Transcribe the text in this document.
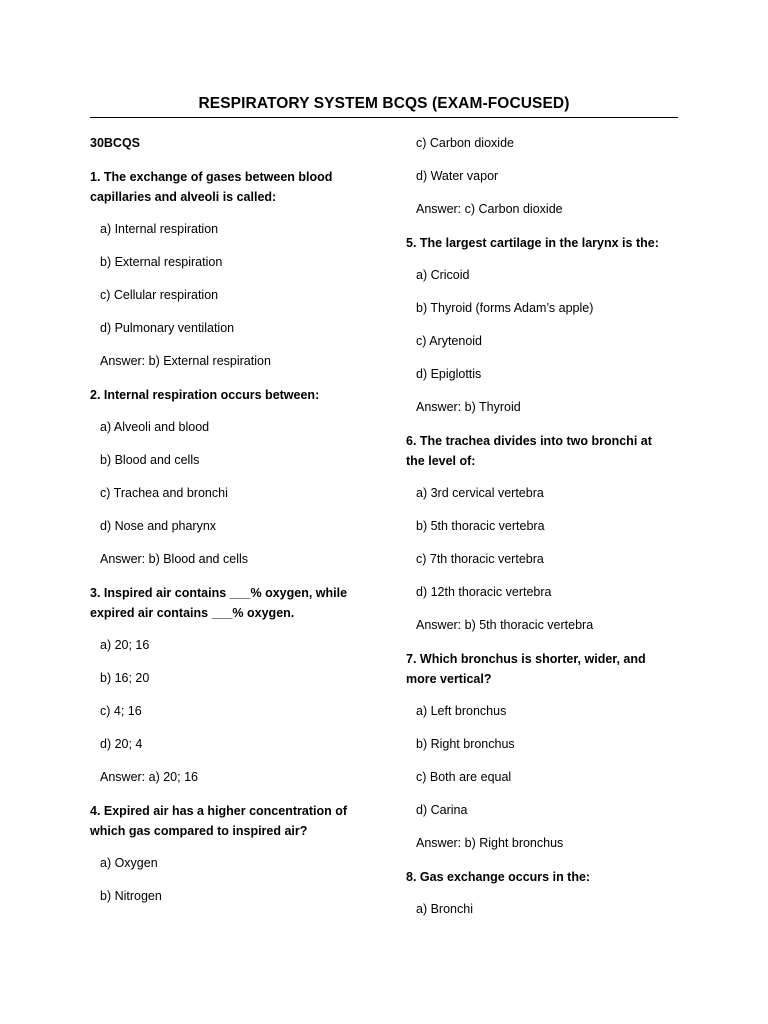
RESPIRATORY SYSTEM BCQS (EXAM-FOCUSED)
30BCQS
1. The exchange of gases between blood capillaries and alveoli is called:
a) Internal respiration
b) External respiration
c) Cellular respiration
d) Pulmonary ventilation
Answer: b) External respiration
2. Internal respiration occurs between:
a) Alveoli and blood
b) Blood and cells
c) Trachea and bronchi
d) Nose and pharynx
Answer: b) Blood and cells
3. Inspired air contains ___% oxygen, while expired air contains ___% oxygen.
a) 20; 16
b) 16; 20
c) 4; 16
d) 20; 4
Answer: a) 20; 16
4. Expired air has a higher concentration of which gas compared to inspired air?
a) Oxygen
b) Nitrogen
c) Carbon dioxide
d) Water vapor
Answer: c) Carbon dioxide
5. The largest cartilage in the larynx is the:
a) Cricoid
b) Thyroid (forms Adam’s apple)
c) Arytenoid
d) Epiglottis
Answer: b) Thyroid
6. The trachea divides into two bronchi at the level of:
a) 3rd cervical vertebra
b) 5th thoracic vertebra
c) 7th thoracic vertebra
d) 12th thoracic vertebra
Answer: b) 5th thoracic vertebra
7. Which bronchus is shorter, wider, and more vertical?
a) Left bronchus
b) Right bronchus
c) Both are equal
d) Carina
Answer: b) Right bronchus
8. Gas exchange occurs in the:
a) Bronchi
